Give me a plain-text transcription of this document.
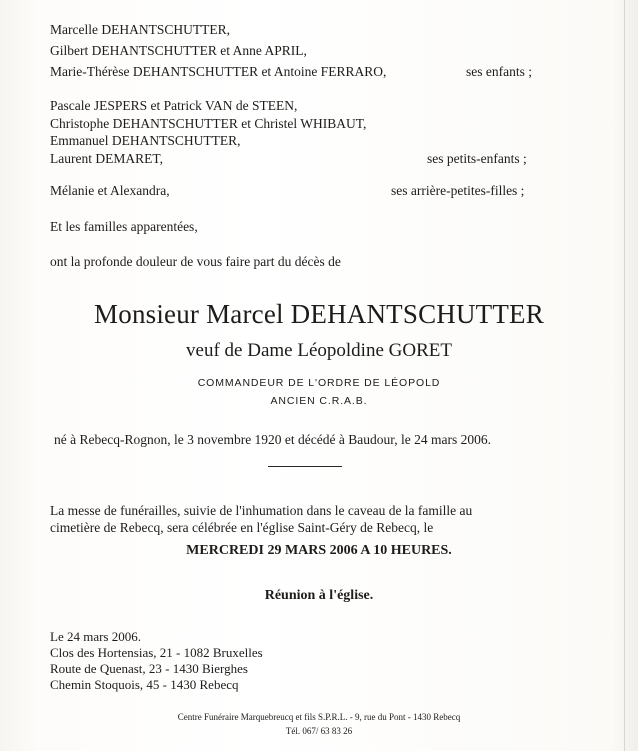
Marcelle DEHANTSCHUTTER,
Gilbert DEHANTSCHUTTER et Anne APRIL,
Marie-Thérèse DEHANTSCHUTTER et Antoine FERRARO,	ses enfants ;
Pascale JESPERS et Patrick VAN de STEEN,
Christophe DEHANTSCHUTTER et Christel WHIBAUT,
Emmanuel DEHANTSCHUTTER,
Laurent DEMARET,	ses petits-enfants ;
Mélanie et Alexandra,	ses arrière-petites-filles ;
Et les familles apparentées,
ont la profonde douleur de vous faire part du décès de
Monsieur Marcel DEHANTSCHUTTER
veuf de Dame Léopoldine GORET
COMMANDEUR DE L'ORDRE DE LÉOPOLD
ANCIEN C.R.A.B.
né à Rebecq-Rognon, le 3 novembre 1920 et décédé à Baudour, le 24 mars 2006.
La messe de funérailles, suivie de l'inhumation dans le caveau de la famille au
cimetière de Rebecq, sera célébrée en l'église Saint-Géry de Rebecq, le
MERCREDI 29 MARS 2006 A 10 HEURES.
Réunion à l'église.
Le 24 mars 2006.
Clos des Hortensias, 21 - 1082 Bruxelles
Route de Quenast, 23 - 1430 Bierghes
Chemin Stoquois, 45 - 1430 Rebecq
Centre Funéraire Marquebreucq et fils S.P.R.L. - 9, rue du Pont - 1430 Rebecq
Tél. 067/ 63 83 26
